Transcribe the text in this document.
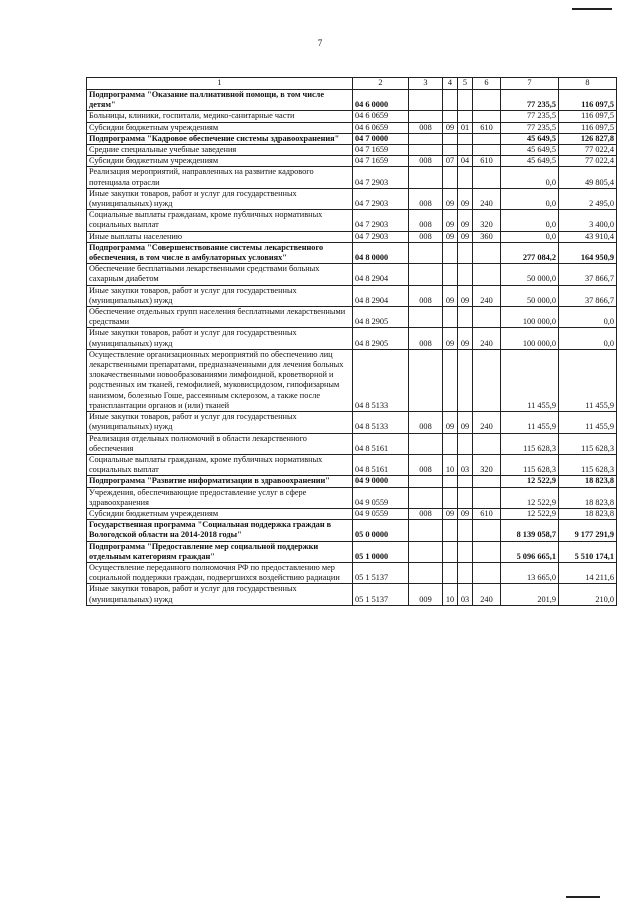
7
1	2	3	4	5	6	7	8
Подпрограмма "Оказание паллиативной помощи, в том числе детям"	04 6 0000					77 235,5	116 097,5
Больницы, клиники, госпитали, медико-санитарные части	04 6 0659					77 235,5	116 097,5
Субсидии бюджетным учреждениям	04 6 0659	008	09	01	610	77 235,5	116 097,5
Подпрограмма "Кадровое обеспечение системы здравоохранения"	04 7 0000					45 649,5	126 827,8
Средние специальные учебные заведения	04 7 1659					45 649,5	77 022,4
Субсидии бюджетным учреждениям	04 7 1659	008	07	04	610	45 649,5	77 022,4
Реализация мероприятий, направленных на развитие кадрового потенциала отрасли	04 7 2903					0,0	49 805,4
Иные закупки товаров, работ и услуг для государственных (муниципальных) нужд	04 7 2903	008	09	09	240	0,0	2 495,0
Социальные выплаты гражданам, кроме публичных нормативных социальных выплат	04 7 2903	008	09	09	320	0,0	3 400,0
Иные выплаты населению	04 7 2903	008	09	09	360	0,0	43 910,4
Подпрограмма "Совершенствование системы лекарственного обеспечения, в том числе в амбулаторных условиях"	04 8 0000					277 084,2	164 950,9
Обеспечение бесплатными лекарственными средствами больных сахарным диабетом	04 8 2904					50 000,0	37 866,7
Иные закупки товаров, работ и услуг для государственных (муниципальных) нужд	04 8 2904	008	09	09	240	50 000,0	37 866,7
Обеспечение отдельных групп населения бесплатными лекарственными средствами	04 8 2905					100 000,0	0,0
Иные закупки товаров, работ и услуг для государственных (муниципальных) нужд	04 8 2905	008	09	09	240	100 000,0	0,0
Осуществление организационных мероприятий по обеспечению лиц лекарственными препаратами, предназначенными для лечения больных злокачественными новообразованиями лимфоидной, кроветворной и родственных им тканей, гемофилией, муковисцидозом, гипофизарным нанизмом, болезнью Гоше, рассеянным склерозом, а также после трансплантации органов и (или) тканей	04 8 5133					11 455,9	11 455,9
Иные закупки товаров, работ и услуг для государственных (муниципальных) нужд	04 8 5133	008	09	09	240	11 455,9	11 455,9
Реализация отдельных полномочий в области лекарственного обеспечения	04 8 5161					115 628,3	115 628,3
Социальные выплаты гражданам, кроме публичных нормативных социальных выплат	04 8 5161	008	10	03	320	115 628,3	115 628,3
Подпрограмма "Развитие информатизации в здравоохранении"	04 9 0000					12 522,9	18 823,8
Учреждения, обеспечивающие предоставление услуг в сфере здравоохранения	04 9 0559					12 522,9	18 823,8
Субсидии бюджетным учреждениям	04 9 0559	008	09	09	610	12 522,9	18 823,8
Государственная программа "Социальная поддержка граждан в Вологодской области на 2014-2018 годы"	05 0 0000					8 139 058,7	9 177 291,9
Подпрограмма "Предоставление мер социальной поддержки отдельным категориям граждан"	05 1 0000					5 096 665,1	5 510 174,1
Осуществление переданного полномочия РФ по предоставлению мер социальной поддержки граждан, подвергшихся воздействию радиации	05 1 5137					13 665,0	14 211,6
Иные закупки товаров, работ и услуг для государственных (муниципальных) нужд	05 1 5137	009	10	03	240	201,9	210,0
